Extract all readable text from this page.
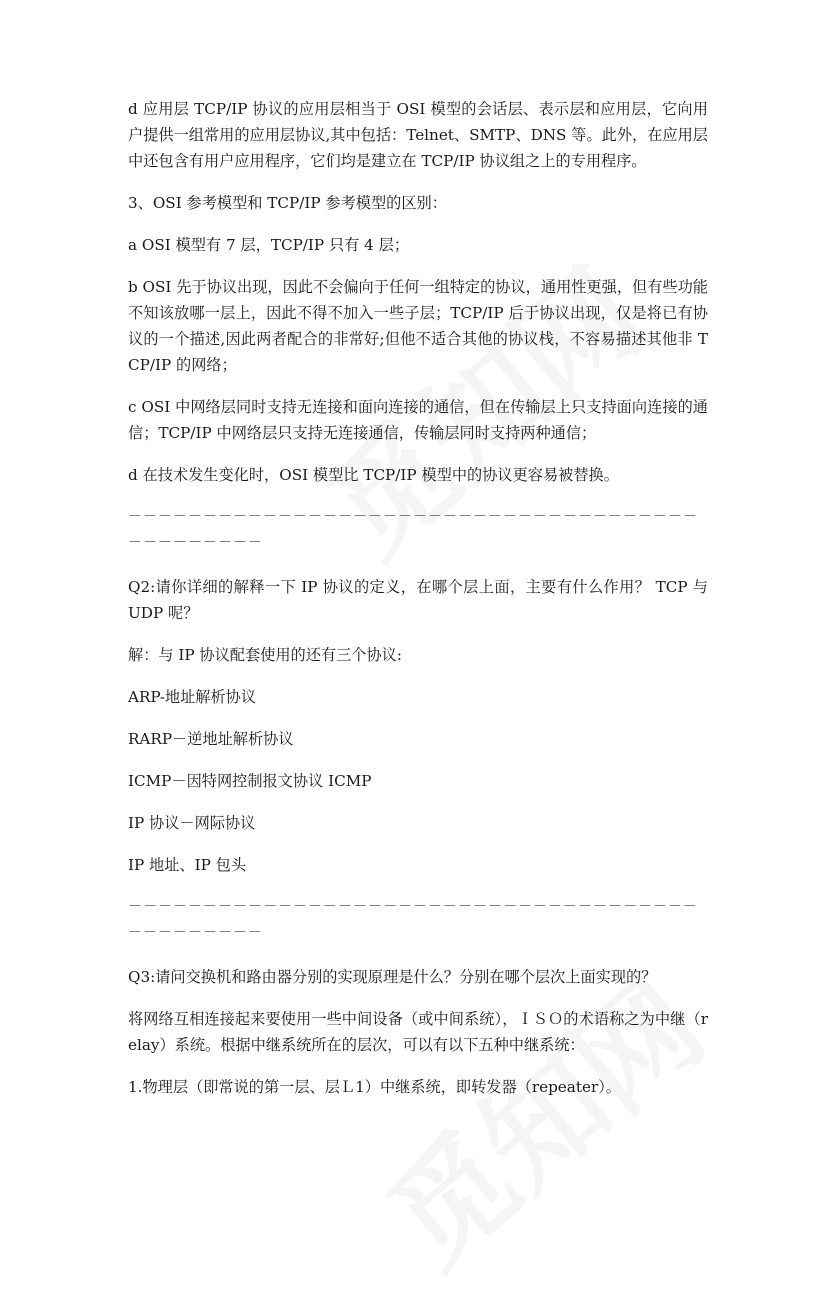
d 应用层 TCP/IP 协议的应用层相当于 OSI 模型的会话层、表示层和应用层，它向用户提供一组常用的应用层协议,其中包括：Telnet、SMTP、DNS 等。此外，在应用层中还包含有用户应用程序，它们均是建立在 TCP/IP 协议组之上的专用程序。

3、OSI 参考模型和 TCP/IP 参考模型的区别：

a OSI 模型有 7 层，TCP/IP 只有 4 层；

b OSI 先于协议出现，因此不会偏向于任何一组特定的协议，通用性更强，但有些功能不知该放哪一层上，因此不得不加入一些子层；TCP/IP 后于协议出现，仅是将已有协议的一个描述,因此两者配合的非常好;但他不适合其他的协议栈，不容易描述其他非 TCP/IP 的网络；

c OSI 中网络层同时支持无连接和面向连接的通信，但在传输层上只支持面向连接的通信；TCP/IP 中网络层只支持无连接通信，传输层同时支持两种通信；

d 在技术发生变化时，OSI 模型比 TCP/IP 模型中的协议更容易被替换。

－－－－－－－－－－－－－－－－－－－－－－－－－－－－－－－－－－－－－－－－－－－－－－－

Q2:请你详细的解释一下 IP 协议的定义，在哪个层上面，主要有什么作用？ TCP 与 UDP 呢？

解：与 IP 协议配套使用的还有三个协议:

ARP-地址解析协议

RARP－逆地址解析协议

ICMP－因特网控制报文协议 ICMP

IP 协议－网际协议

IP 地址、IP 包头

－－－－－－－－－－－－－－－－－－－－－－－－－－－－－－－－－－－－－－－－－－－－－－－

Q3:请问交换机和路由器分别的实现原理是什么？分别在哪个层次上面实现的？

将网络互相连接起来要使用一些中间设备（或中间系统），ＩＳＯ的术语称之为中继（relay）系统。根据中继系统所在的层次，可以有以下五种中继系统：

1.物理层（即常说的第一层、层Ｌ1）中继系统，即转发器（repeater）。
